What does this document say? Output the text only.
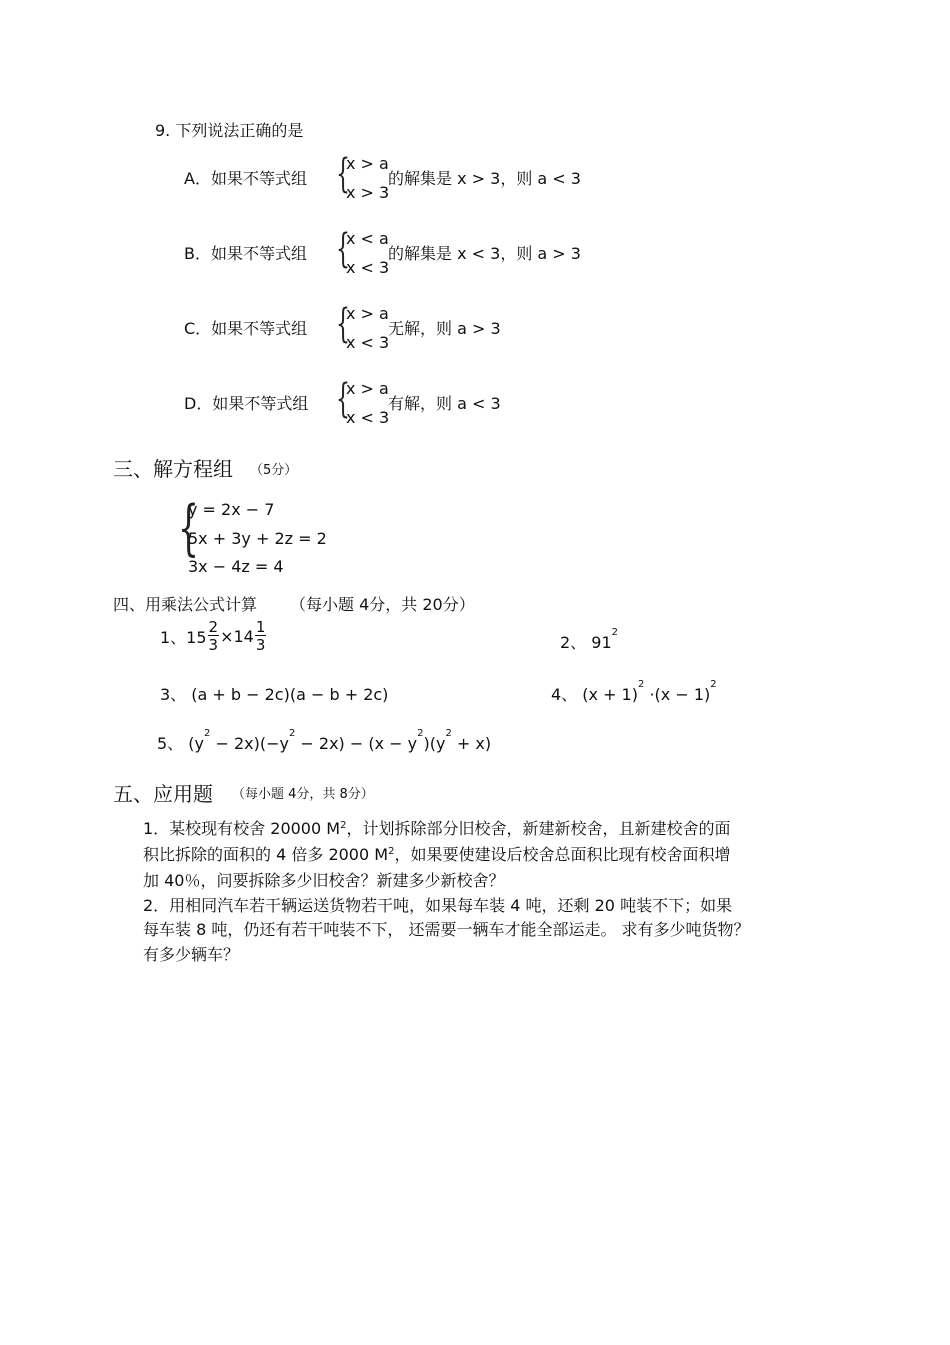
9. 下列说法正确的是
A．如果不等式组 {
x > a
x > 3
的解集是 x > 3，则 a < 3
B．如果不等式组 {
x < a
x < 3
的解集是 x < 3，则 a > 3
C．如果不等式组 {
x > a
x < 3
无解，则 a > 3
D．如果不等式组 {
x > a
x < 3
有解，则 a < 3
三、解方程组 （5分）
{
y = 2x − 7
5x + 3y + 2z = 2
3x − 4z = 4
四、用乘法公式计算 （每小题 4分，共 20分）
1、$15 \frac{2}{3} \times 14 \frac{1}{3}$	2、 $91^2$
3、 (a + b − 2c)(a − b + 2c)	4、 $(x + 1)^2 \cdot(x - 1)^2$
5、 $(y^2 - 2x)(-y^2 - 2x) - (x - y^2)(y^2 + x)$
五、应用题 （每小题 4分，共 8分）
1．某校现有校舍 20000 $M^2$，计划拆除部分旧校舍，新建新校舍，且新建校舍的面
积比拆除的面积的 4 倍多 2000 $M^2$，如果要使建设后校舍总面积比现有校舍面积增
加 40％，问要拆除多少旧校舍？新建多少新校舍？
2．用相同汽车若干辆运送货物若干吨，如果每车装 4 吨，还剩 20 吨装不下；如果
每车装 8 吨，仍还有若干吨装不下， 还需要一辆车才能全部运走。 求有多少吨货物？
有多少辆车？
